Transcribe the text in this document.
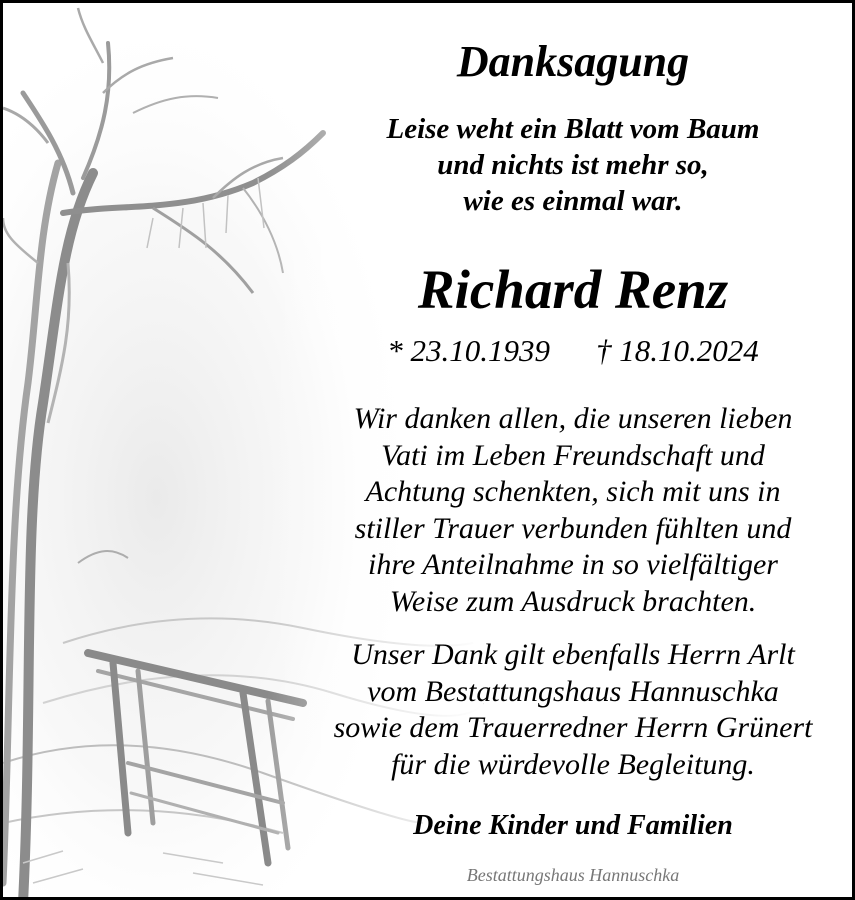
Danksagung
Leise weht ein Blatt vom Baum
und nichts ist mehr so,
wie es einmal war.
Richard Renz
* 23.10.1939 † 18.10.2024
Wir danken allen, die unseren lieben
Vati im Leben Freundschaft und
Achtung schenkten, sich mit uns in
stiller Trauer verbunden fühlten und
ihre Anteilnahme in so vielfältiger
Weise zum Ausdruck brachten.
Unser Dank gilt ebenfalls Herrn Arlt
vom Bestattungshaus Hannuschka
sowie dem Trauerredner Herrn Grünert
für die würdevolle Begleitung.
Deine Kinder und Familien
Bestattungshaus Hannuschka
